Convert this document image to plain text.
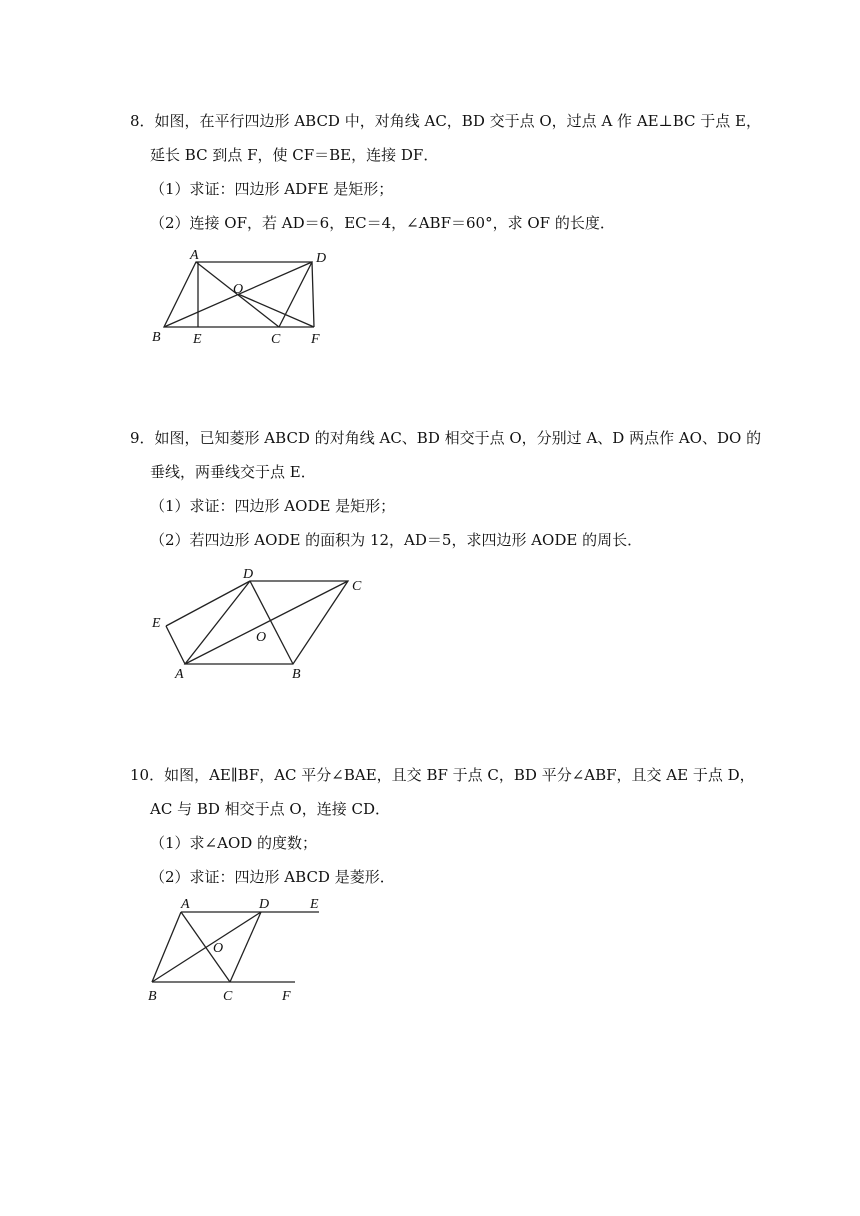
8．如图，在平行四边形 ABCD 中，对角线 AC，BD 交于点 O，过点 A 作 AE⊥BC 于点 E，
延长 BC 到点 F，使 CF＝BE，连接 DF．
（1）求证：四边形 ADFE 是矩形；
（2）连接 OF，若 AD＝6，EC＝4，∠ABF＝60°，求 OF 的长度．
A	D
O
B E	C F
9．如图，已知菱形 ABCD 的对角线 AC、BD 相交于点 O，分别过 A、D 两点作 AO、DO 的
垂线，两垂线交于点 E．
（1）求证：四边形 AODE 是矩形；
（2）若四边形 AODE 的面积为 12，AD＝5，求四边形 AODE 的周长．
D
C
E
O
A	B
10．如图，AE∥BF，AC 平分∠BAE，且交 BF 于点 C，BD 平分∠ABF，且交 AE 于点 D，
AC 与 BD 相交于点 O，连接 CD．
（1）求∠AOD 的度数；
（2）求证：四边形 ABCD 是菱形．
A	D	E
O
B	C	F
